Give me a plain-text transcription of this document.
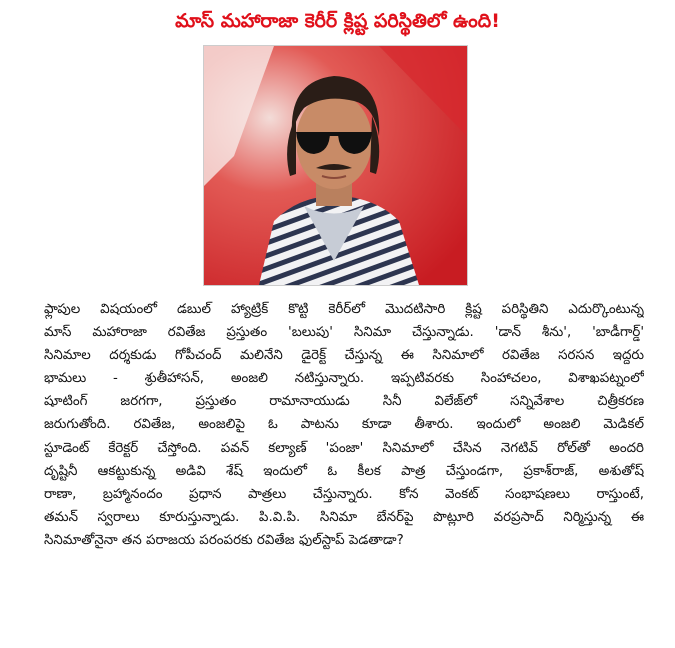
మాస్ మహారాజా కెరీర్ క్లిష్ట పరిస్థితిలో ఉంది!

ఫ్లాపుల విషయంలో డబుల్ హ్యాట్రిక్ కొట్టి కెరీర్‌లో మొదటిసారి క్లిష్ట పరిస్థితిని ఎదుర్కొంటున్న

మాస్ మహారాజా రవితేజ ప్రస్తుతం 'బలుపు' సినిమా చేస్తున్నాడు. 'డాన్ శీను', 'బాడీగార్డ్'

సినిమాల దర్శకుడు గోపీచంద్ మలినేని డైరెక్ట్ చేస్తున్న ఈ సినిమాలో రవితేజ సరసన ఇద్దరు

భామలు - శ్రుతీహాసన్, అంజలి నటిస్తున్నారు. ఇప్పటివరకు సింహాచలం, విశాఖపట్నంలో

షూటింగ్ జరగగా, ప్రస్తుతం రామానాయుడు సినీ విలేజ్‌లో సన్నివేశాల చిత్రీకరణ

జరుగుతోంది. రవితేజ, అంజలిపై ఓ పాటను కూడా తీశారు. ఇందులో అంజలి మెడికల్

స్టూడెంట్ కేరెక్టర్ చేస్తోంది. పవన్ కల్యాణ్ 'పంజా' సినిమాలో చేసిన నెగటివ్ రోల్‌తో అందరి

దృష్టినీ ఆకట్టుకున్న అడివి శేష్ ఇందులో ఓ కీలక పాత్ర చేస్తుండగా, ప్రకాశ్‌రాజ్, అశుతోష్

రాణా, బ్రహ్మానందం ప్రధాన పాత్రలు చేస్తున్నారు. కోన వెంకట్ సంభాషణలు రాస్తుంటే,

తమన్ స్వరాలు కూరుస్తున్నాడు. పి.వి.పి. సినిమా బేనర్‌పై పొట్లూరి వరప్రసాద్ నిర్మిస్తున్న ఈ

సినిమాతోనైనా తన పరాజయ పరంపరకు రవితేజ ఫుల్‌స్టాప్ పెడతాడా?
